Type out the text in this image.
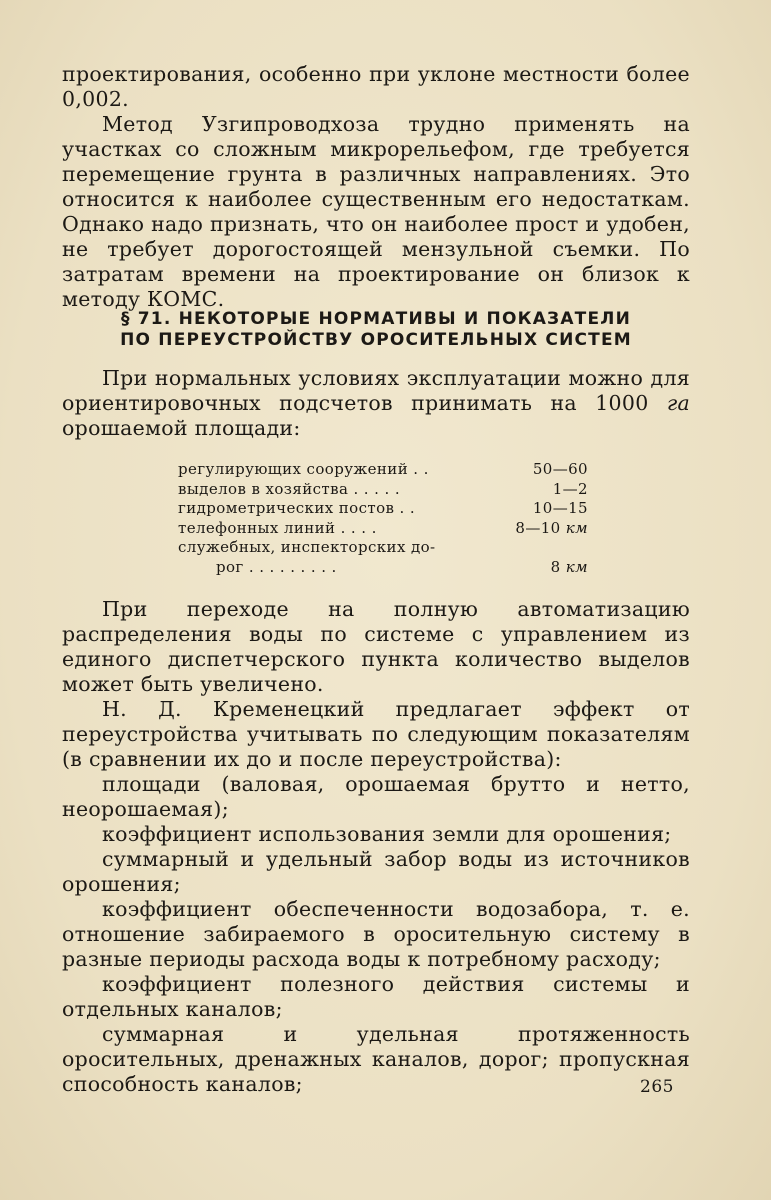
проектирования, особенно при уклоне местности более 0,002.

Метод Узгипроводхоза трудно применять на участках со сложным микрорельефом, где требуется перемещение грунта в различных направлениях. Это относится к наиболее существенным его недостаткам. Однако надо признать, что он наиболее прост и удобен, не требует дорогостоящей мензульной съемки. По затратам времени на проектирование он близок к методу КОМС.

§ 71. НЕКОТОРЫЕ НОРМАТИВЫ И ПОКАЗАТЕЛИ

ПО ПЕРЕУСТРОЙСТВУ ОРОСИТЕЛЬНЫХ СИСТЕМ

При нормальных условиях эксплуатации можно для ориентировочных подсчетов принимать на 1000 га орошаемой площади:

регулирующих сооружений . .	50—60
выделов в хозяйства . . . . .	1—2
гидрометрических постов . .	10—15
телефонных линий . . . .	8—10 км
служебных, инспекторских до-
рог . . . . . . . . .	8 км

При переходе на полную автоматизацию распределения воды по системе с управлением из единого диспетчерского пункта количество выделов может быть увеличено.

Н. Д. Кременецкий предлагает эффект от переустройства учитывать по следующим показателям (в сравнении их до и после переустройства):

площади (валовая, орошаемая брутто и нетто, неорошаемая);

коэффициент использования земли для орошения;

суммарный и удельный забор воды из источников орошения;

коэффициент обеспеченности водозабора, т. е. отношение забираемого в оросительную систему в разные периоды расхода воды к потребному расходу;

коэффициент полезного действия системы и отдельных каналов;

суммарная и удельная протяженность оросительных, дренажных каналов, дорог; пропускная способность каналов;	265
